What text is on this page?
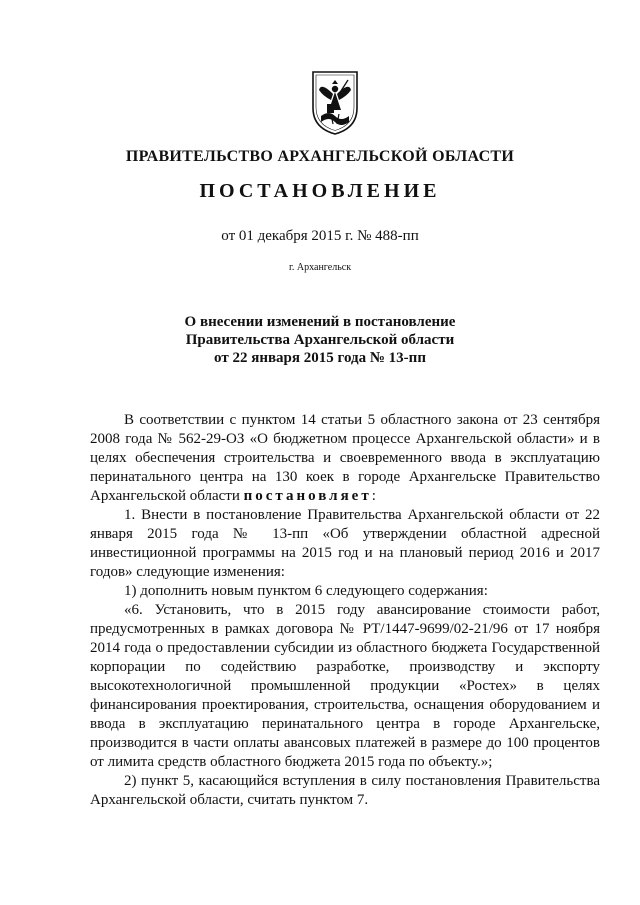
ПРАВИТЕЛЬСТВО АРХАНГЕЛЬСКОЙ ОБЛАСТИ
ПОСТАНОВЛЕНИЕ
от 01 декабря 2015 г. № 488-пп
г. Архангельск
О внесении изменений в постановление
Правительства Архангельской области
от 22 января 2015 года № 13-пп

В соответствии с пунктом 14 статьи 5 областного закона от 23 сентября 2008 года № 562-29-ОЗ «О бюджетном процессе Архангельской области» и в целях обеспечения строительства и своевременного ввода в эксплуатацию перинатального центра на 130 коек в городе Архангельске Правительство Архангельской области постановляет:

1. Внести в постановление Правительства Архангельской области от 22 января 2015 года № 13-пп «Об утверждении областной адресной инвестиционной программы на 2015 год и на плановый период 2016 и 2017 годов» следующие изменения:

1) дополнить новым пунктом 6 следующего содержания:

«6. Установить, что в 2015 году авансирование стоимости работ, предусмотренных в рамках договора № РТ/1447-9699/02-21/96 от 17 ноября 2014 года о предоставлении субсидии из областного бюджета Государственной корпорации по содействию разработке, производству и экспорту высокотехнологичной промышленной продукции «Ростех» в целях финансирования проектирования, строительства, оснащения оборудованием и ввода в эксплуатацию перинатального центра в городе Архангельске, производится в части оплаты авансовых платежей в размере до 100 процентов от лимита средств областного бюджета 2015 года по объекту.»;

2) пункт 5, касающийся вступления в силу постановления Правительства Архангельской области, считать пунктом 7.
